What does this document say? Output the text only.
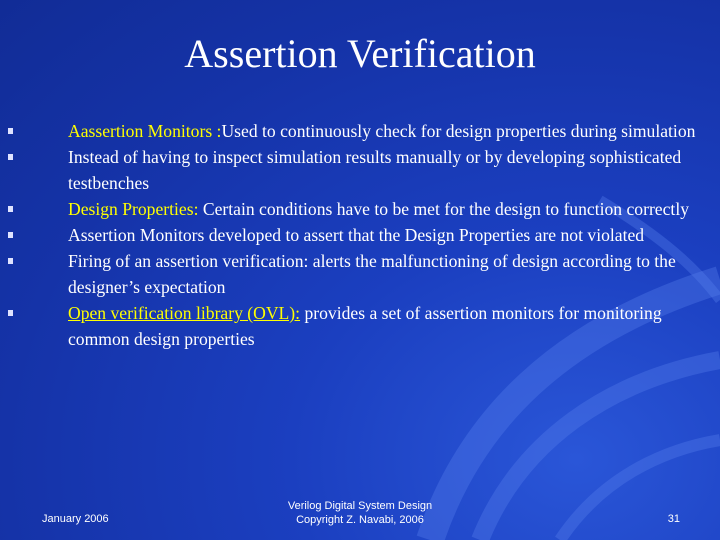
Assertion Verification
Aassertion Monitors :Used to continuously check for design properties during simulation
Instead of having to inspect simulation results manually or by developing sophisticated testbenches
Design Properties: Certain conditions have to be met for the design to function correctly
Assertion Monitors developed to assert that the Design Properties are not violated
Firing of an assertion verification: alerts the malfunctioning of design according to the designer’s expectation
Open verification library (OVL): provides a set of assertion monitors for monitoring common design properties
January 2006
Verilog Digital System Design
Copyright Z. Navabi, 2006	31
